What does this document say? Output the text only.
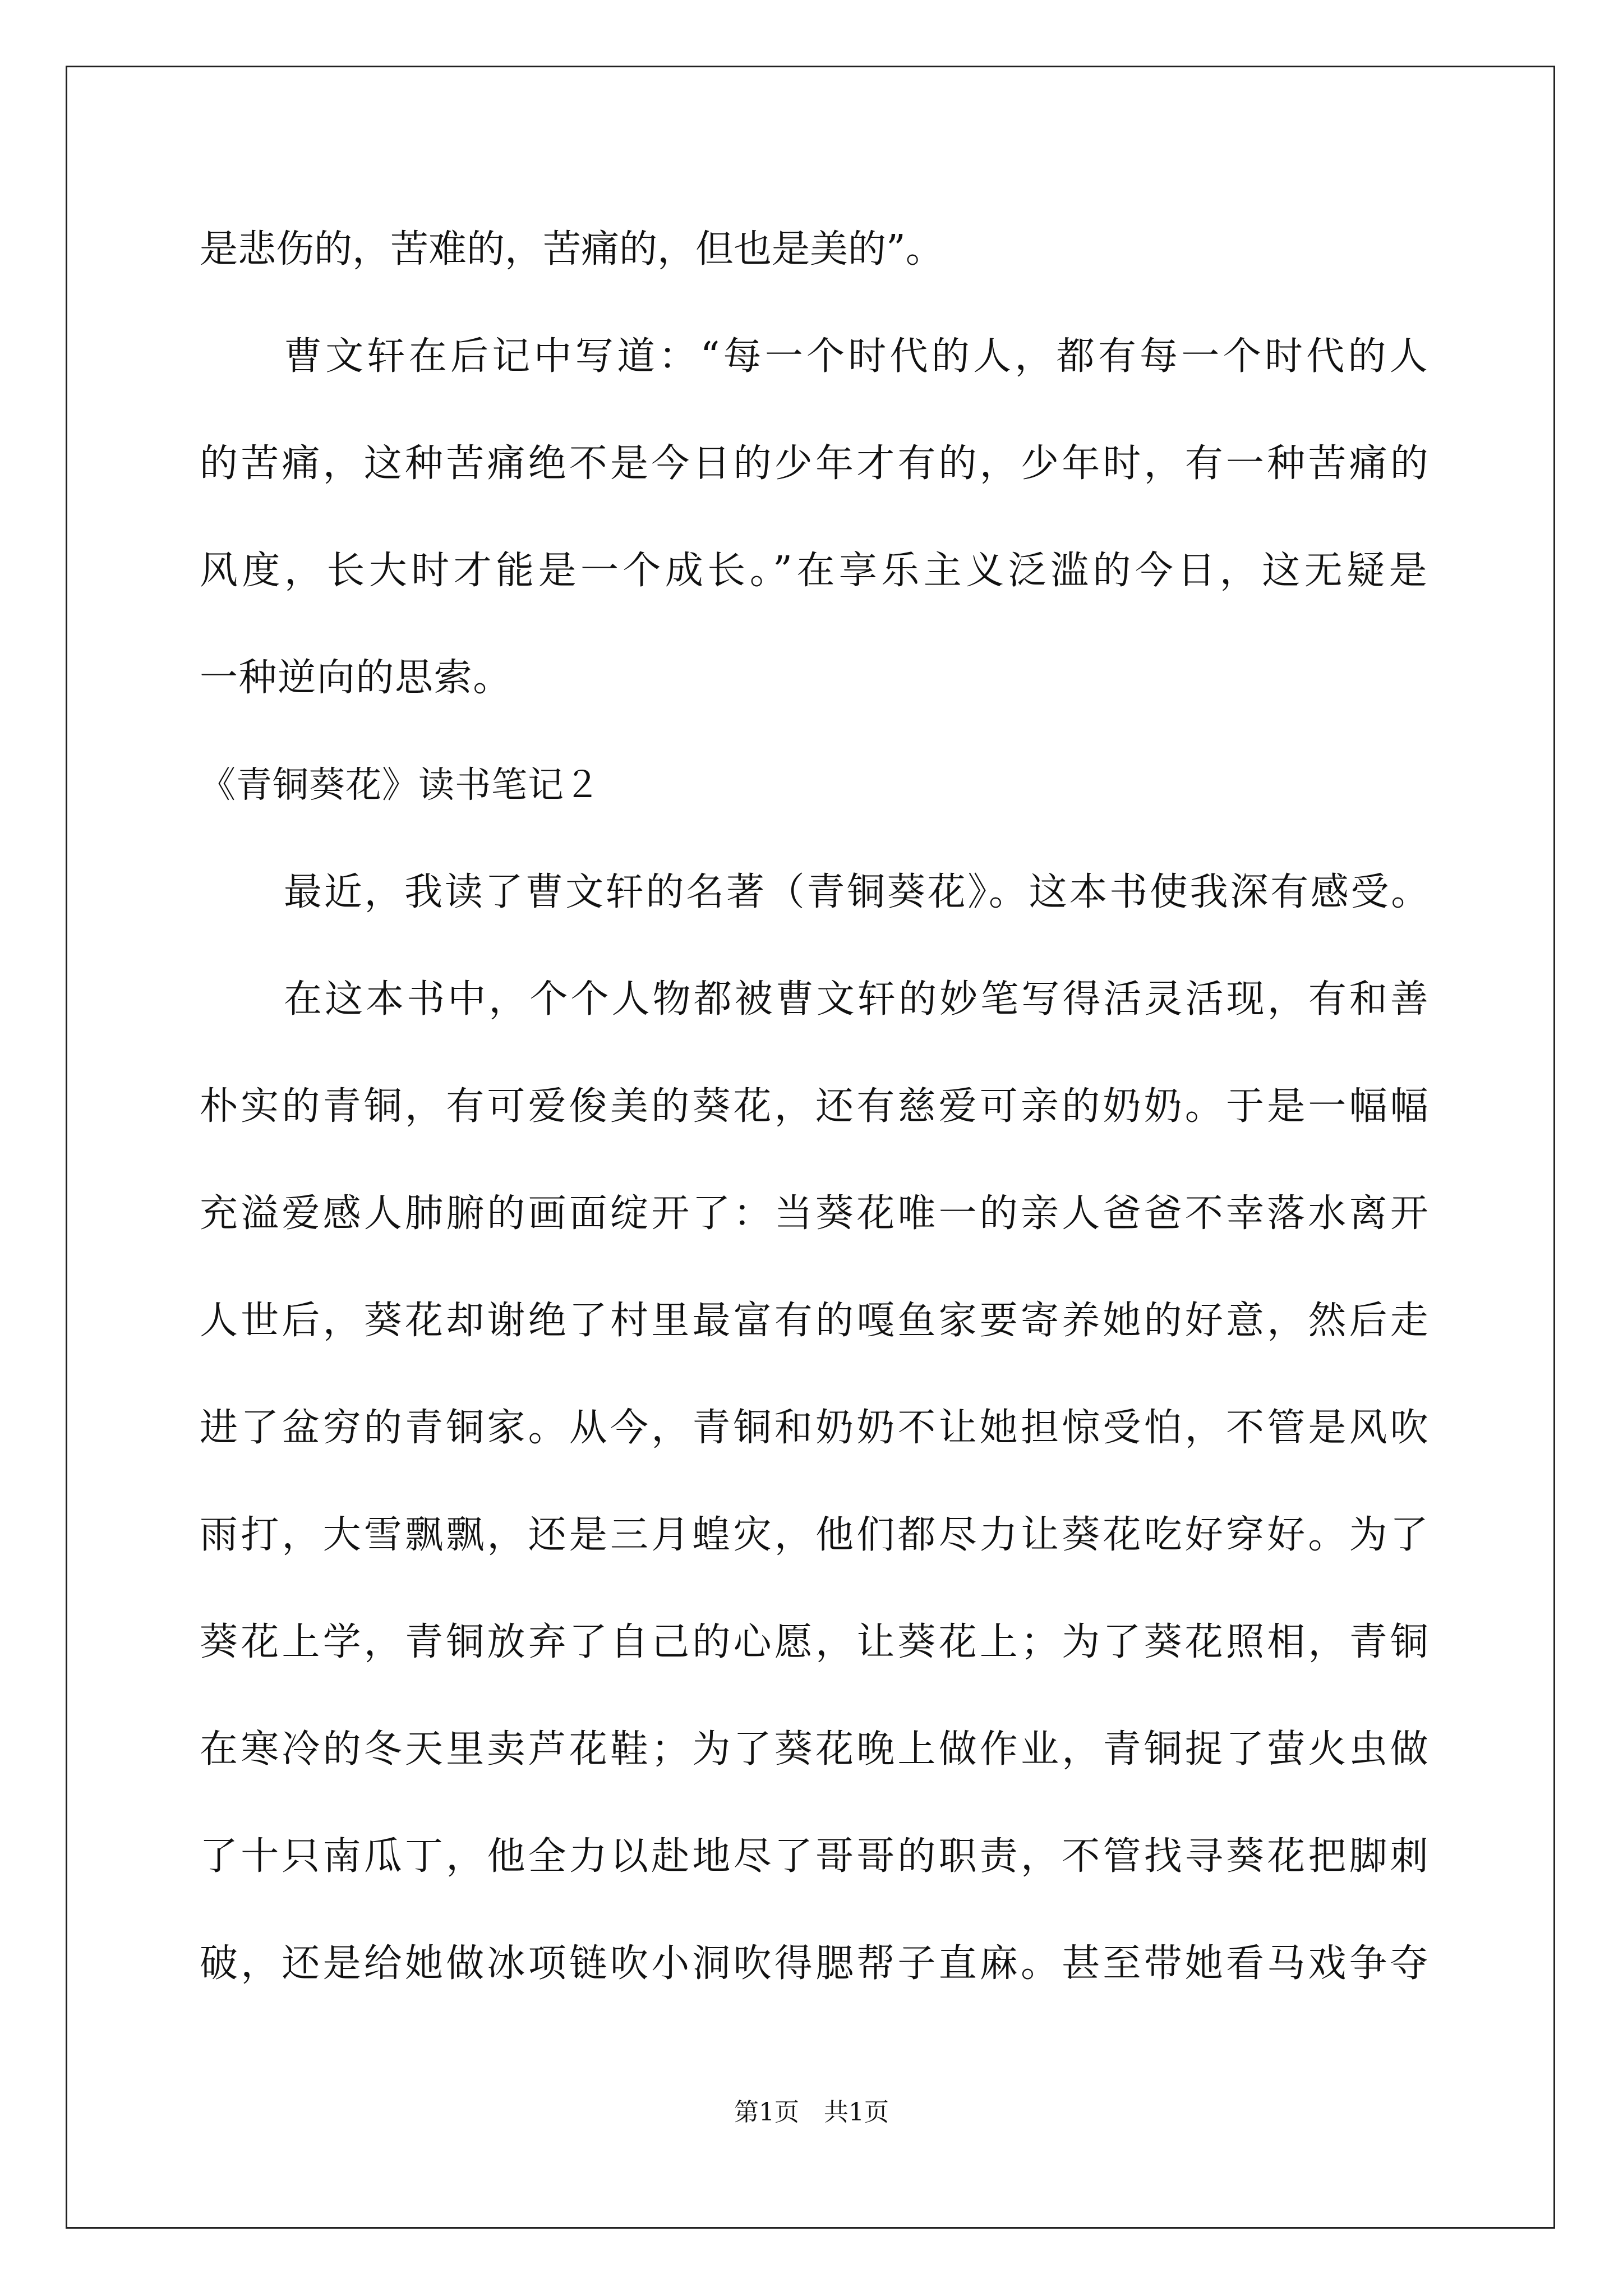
是悲伤的，苦难的，苦痛的，但也是美的”。
曹文轩在后记中写道：“每一个时代的人，都有每一个时代的人
的苦痛，这种苦痛绝不是今日的少年才有的，少年时，有一种苦痛的
风度，长大时才能是一个成长。”在享乐主义泛滥的今日，这无疑是
一种逆向的思索。
《青铜葵花》读书笔记２
最近，我读了曹文轩的名著（青铜葵花》。这本书使我深有感受。
在这本书中，个个人物都被曹文轩的妙笔写得活灵活现，有和善
朴实的青铜，有可爱俊美的葵花，还有慈爱可亲的奶奶。于是一幅幅
充溢爱感人肺腑的画面绽开了：当葵花唯一的亲人爸爸不幸落水离开
人世后，葵花却谢绝了村里最富有的嘎鱼家要寄养她的好意，然后走
进了盆穷的青铜家。从今，青铜和奶奶不让她担惊受怕，不管是风吹
雨打，大雪飘飘，还是三月蝗灾，他们都尽力让葵花吃好穿好。为了
葵花上学，青铜放弃了自己的心愿，让葵花上；为了葵花照相，青铜
在寒冷的冬天里卖芦花鞋；为了葵花晚上做作业，青铜捉了萤火虫做
了十只南瓜丁，他全力以赴地尽了哥哥的职责，不管找寻葵花把脚刺
破，还是给她做冰项链吹小洞吹得腮帮子直麻。甚至带她看马戏争夺
第1页　共1页
